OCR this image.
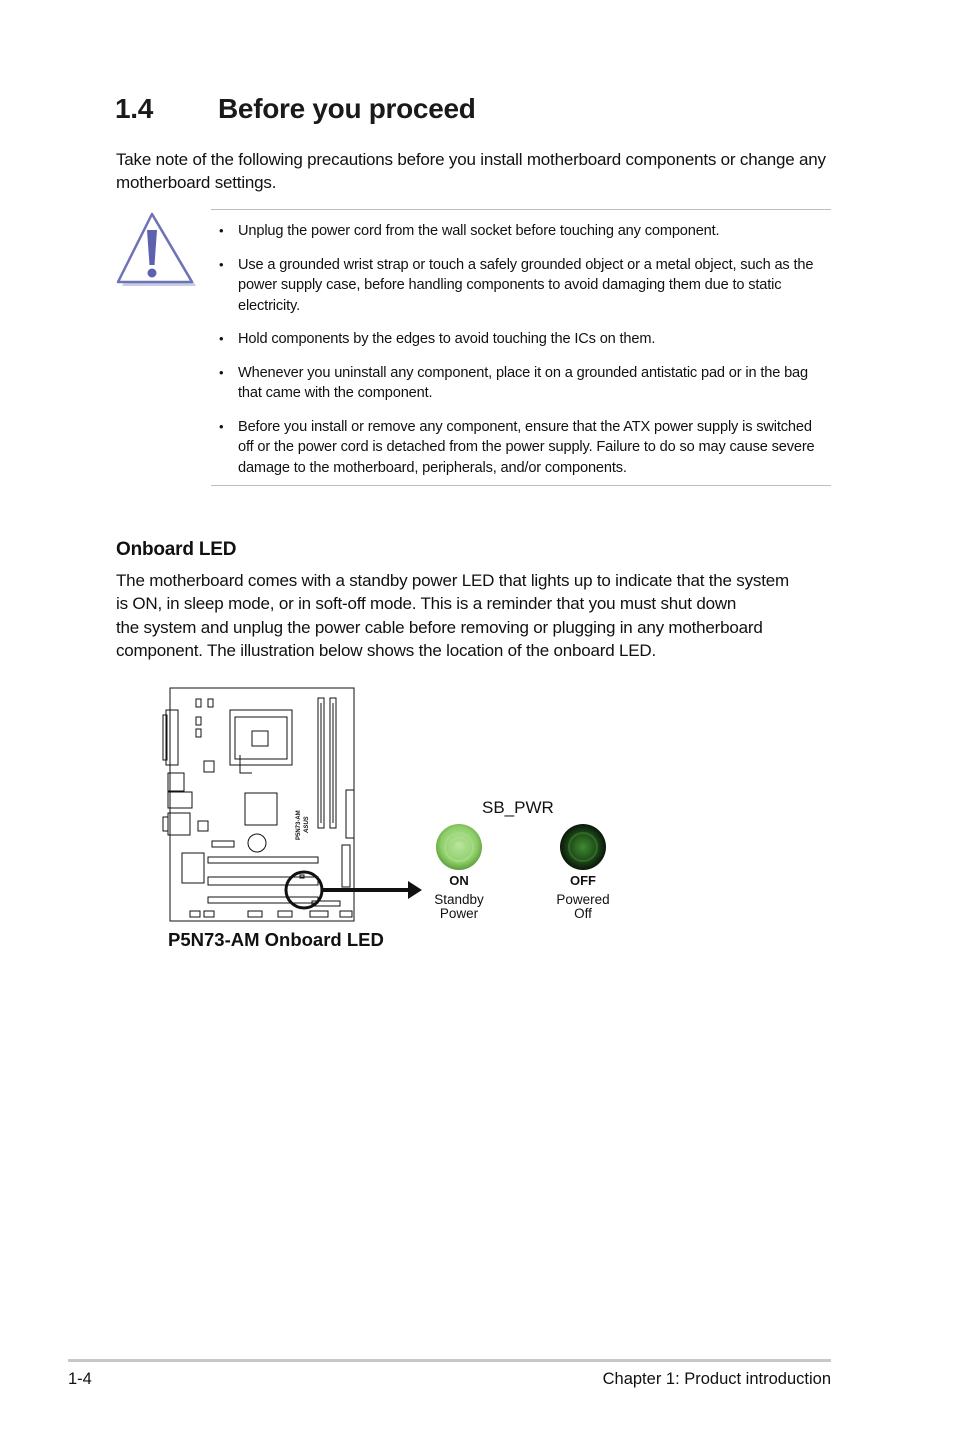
1.4 Before you proceed
Take note of the following precautions before you install motherboard components or change any motherboard settings.
• Unplug the power cord from the wall socket before touching any component.
• Use a grounded wrist strap or touch a safely grounded object or a metal object, such as the power supply case, before handling components to avoid damaging them due to static electricity.
• Hold components by the edges to avoid touching the ICs on them.
• Whenever you uninstall any component, place it on a grounded antistatic pad or in the bag that came with the component.
• Before you install or remove any component, ensure that the ATX power supply is switched off or the power cord is detached from the power supply. Failure to do so may cause severe damage to the motherboard, peripherals, and/or components.
Onboard LED
The motherboard comes with a standby power LED that lights up to indicate that the system
is ON, in sleep mode, or in soft-off mode. This is a reminder that you must shut down
the system and unplug the power cable before removing or plugging in any motherboard
component. The illustration below shows the location of the onboard LED.
P5N73-AM ASUS
SB_PWR
ON
Standby
Power
OFF
Powered
Off
P5N73-AM Onboard LED
1-4	Chapter 1: Product introduction
